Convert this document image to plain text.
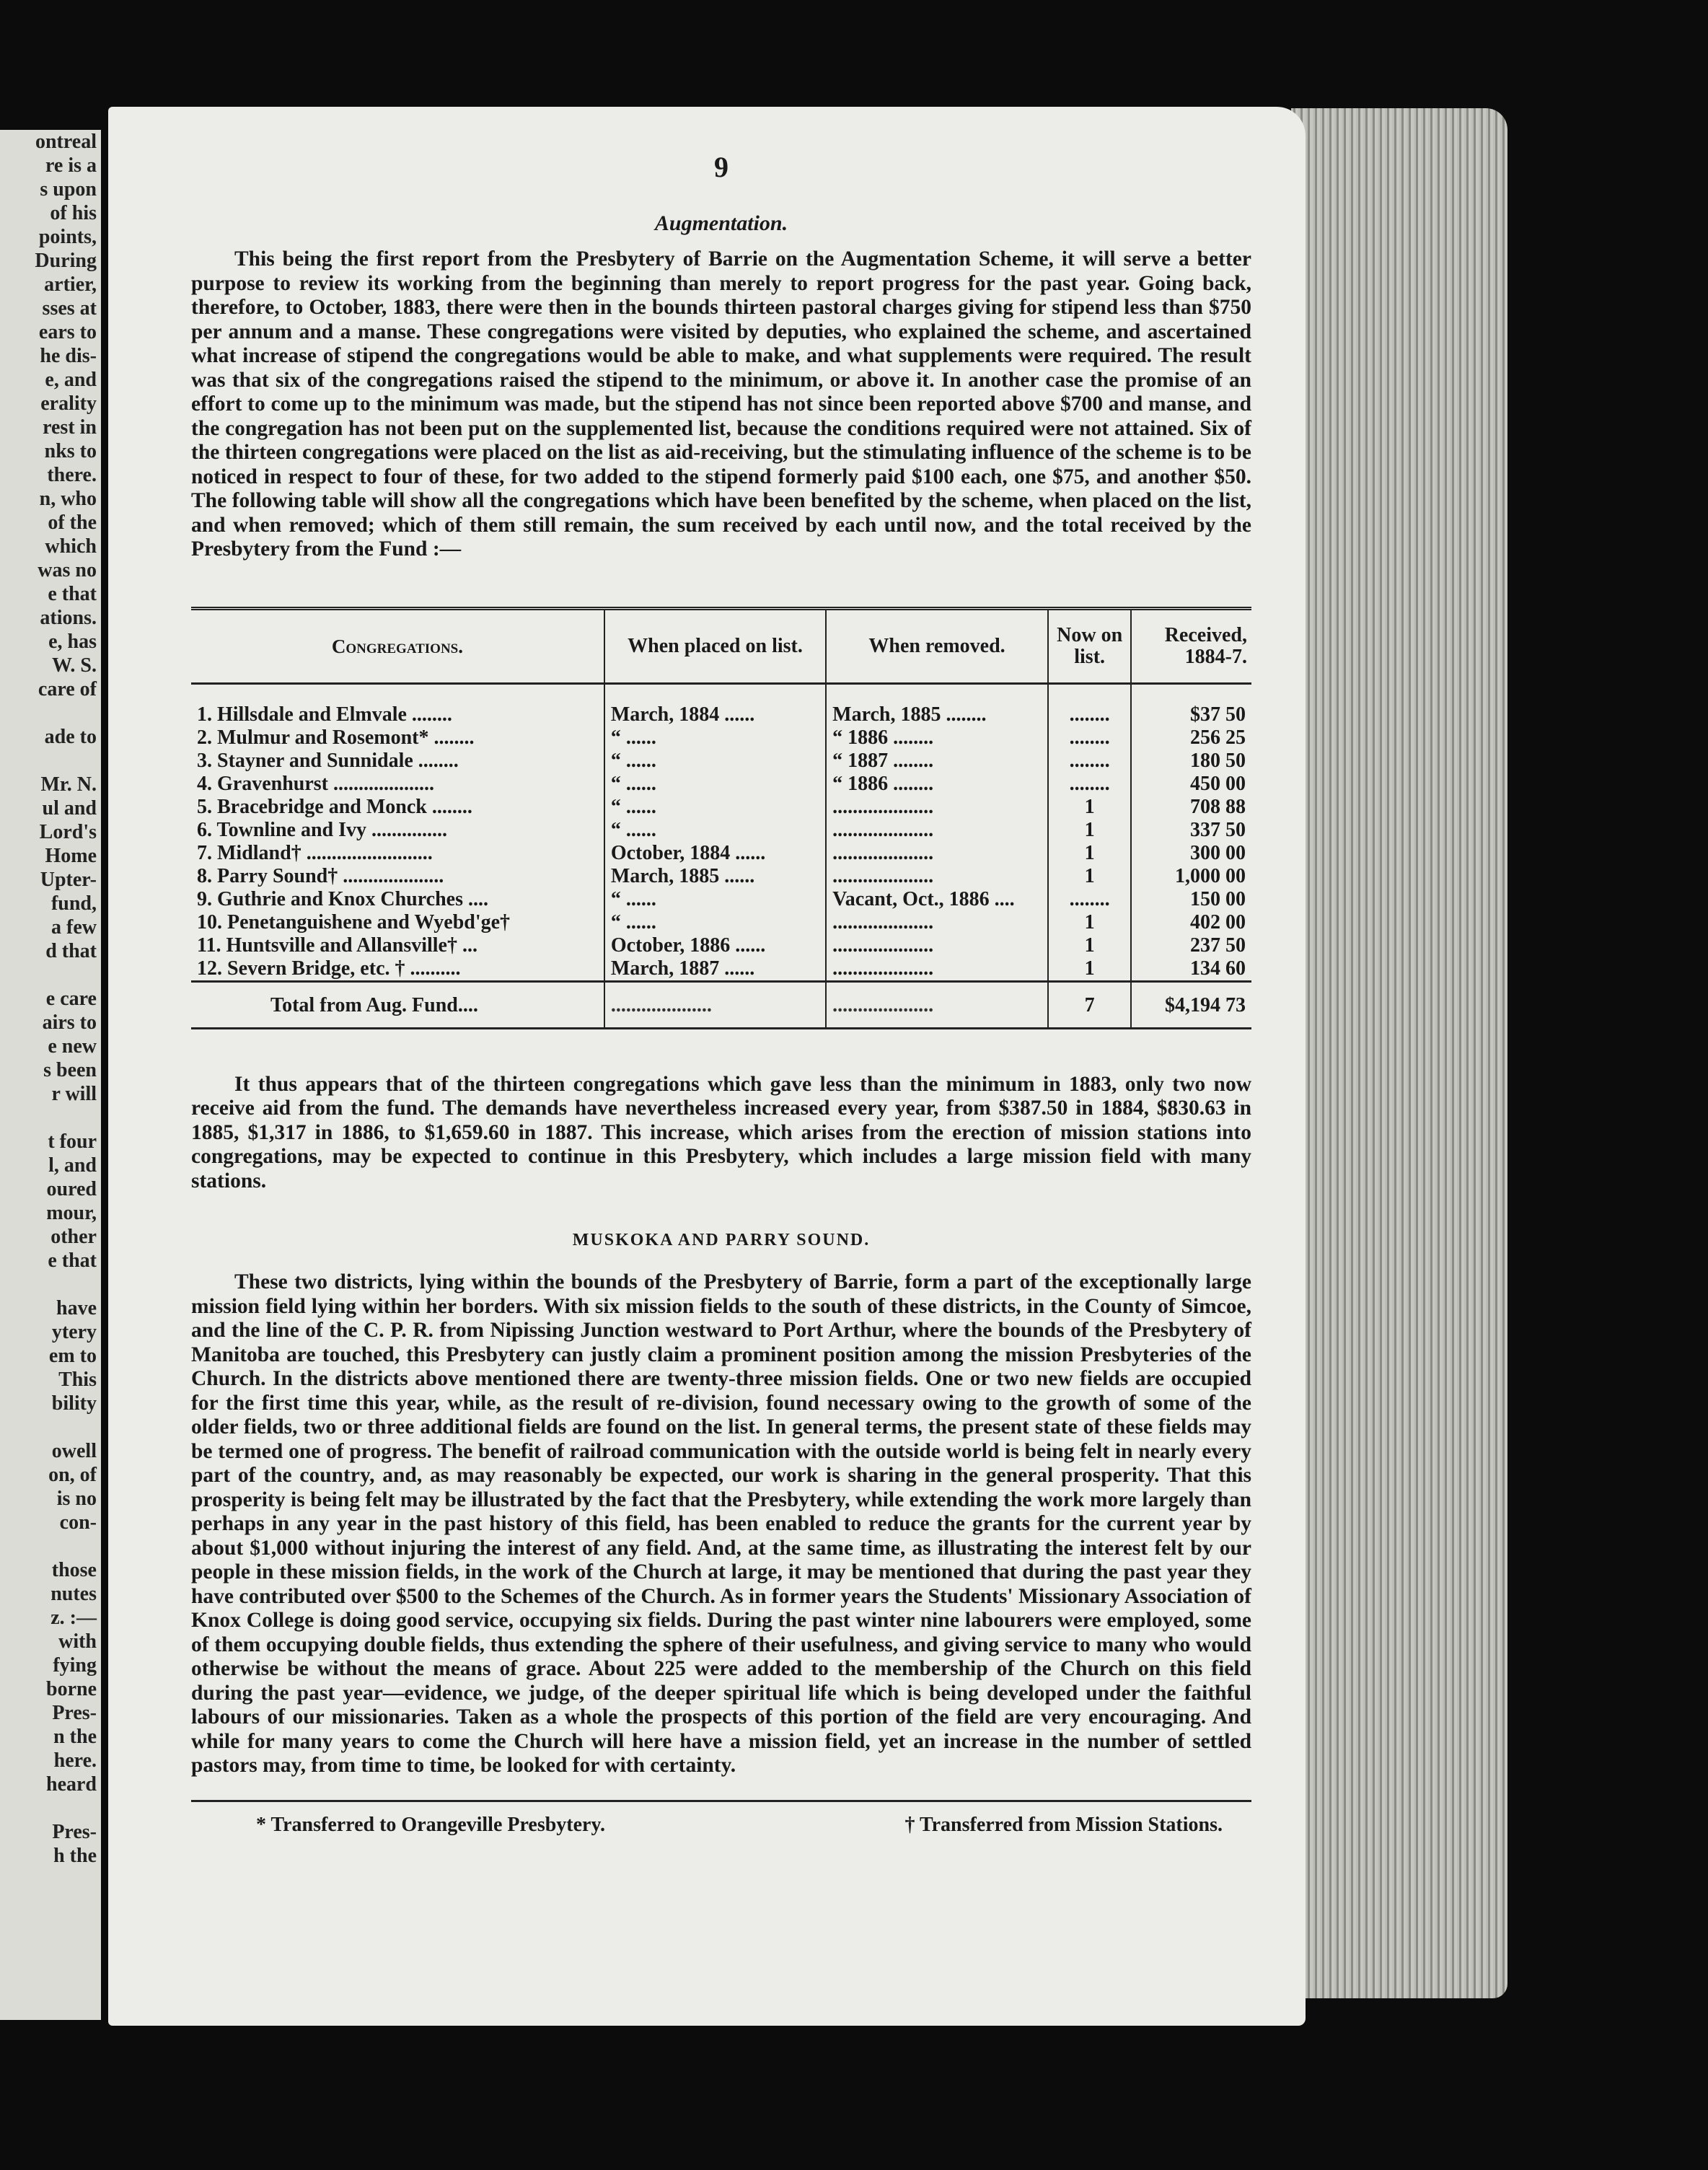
ontreal
re is a
s upon
of his
points,
During
artier,
sses at
ears to
he dis-
e, and
erality
rest in
nks to
there.
n, who
of the
which
was no
e that
ations.
e, has
W. S.
care of

ade to

Mr. N.
ul and
Lord's
Home
Upter-
fund,
a few
d that

e care
airs to
e new
s been
r will

t four
l, and
oured
mour,
other
e that

have
ytery
em to
This
bility

owell
on, of
is no
con-

those
nutes
z. :—
with
fying
borne
Pres-
n the
here.
heard

Pres-
h the
9
Augmentation.

This being the first report from the Presbytery of Barrie on the Augmentation Scheme, it will serve a better purpose to review its working from the beginning than merely to report progress for the past year. Going back, therefore, to October, 1883, there were then in the bounds thirteen pastoral charges giving for stipend less than $750 per annum and a manse. These congregations were visited by deputies, who explained the scheme, and ascertained what increase of stipend the congregations would be able to make, and what supplements were required. The result was that six of the congregations raised the stipend to the minimum, or above it. In another case the promise of an effort to come up to the minimum was made, but the stipend has not since been reported above $700 and manse, and the congregation has not been put on the supplemented list, because the conditions required were not attained. Six of the thirteen congregations were placed on the list as aid-receiving, but the stimulating influence of the scheme is to be noticed in respect to four of these, for two added to the stipend formerly paid $100 each, one $75, and another $50. The following table will show all the congregations which have been benefited by the scheme, when placed on the list, and when removed; which of them still remain, the sum received by each until now, and the total received by the Presbytery from the Fund :—

Congregations.	When placed on list.	When removed.	Now on list.	Received, 1884-7.
1. Hillsdale and Elmvale ........	March, 1884 ......	March, 1885 ........	........	$37 50
2. Mulmur and Rosemont* ........	“ ......	“ 1886 ........	........	256 25
3. Stayner and Sunnidale ........	“ ......	“ 1887 ........	........	180 50
4. Gravenhurst ....................	“ ......	“ 1886 ........	........	450 00
5. Bracebridge and Monck ........	“ ......	....................	1	708 88
6. Townline and Ivy ...............	“ ......	....................	1	337 50
7. Midland† .........................	October, 1884 ......	....................	1	300 00
8. Parry Sound† ....................	March, 1885 ......	....................	1	1,000 00
9. Guthrie and Knox Churches ....	“ ......	Vacant, Oct., 1886 ....	........	150 00
10. Penetanguishene and Wyebd'ge†	“ ......	....................	1	402 00
11. Huntsville and Allansville† ...	October, 1886 ......	....................	1	237 50
12. Severn Bridge, etc. † ..........	March, 1887 ......	....................	1	134 60
Total from Aug. Fund....	....................	....................	7	$4,194 73

It thus appears that of the thirteen congregations which gave less than the minimum in 1883, only two now receive aid from the fund. The demands have nevertheless increased every year, from $387.50 in 1884, $830.63 in 1885, $1,317 in 1886, to $1,659.60 in 1887. This increase, which arises from the erection of mission stations into congregations, may be expected to continue in this Presbytery, which includes a large mission field with many stations.

MUSKOKA AND PARRY SOUND.

These two districts, lying within the bounds of the Presbytery of Barrie, form a part of the exceptionally large mission field lying within her borders. With six mission fields to the south of these districts, in the County of Simcoe, and the line of the C. P. R. from Nipissing Junction westward to Port Arthur, where the bounds of the Presbytery of Manitoba are touched, this Presbytery can justly claim a prominent position among the mission Presbyteries of the Church. In the districts above mentioned there are twenty-three mission fields. One or two new fields are occupied for the first time this year, while, as the result of re-division, found necessary owing to the growth of some of the older fields, two or three additional fields are found on the list. In general terms, the present state of these fields may be termed one of progress. The benefit of railroad communication with the outside world is being felt in nearly every part of the country, and, as may reasonably be expected, our work is sharing in the general prosperity. That this prosperity is being felt may be illustrated by the fact that the Presbytery, while extending the work more largely than perhaps in any year in the past history of this field, has been enabled to reduce the grants for the current year by about $1,000 without injuring the interest of any field. And, at the same time, as illustrating the interest felt by our people in these mission fields, in the work of the Church at large, it may be mentioned that during the past year they have contributed over $500 to the Schemes of the Church. As in former years the Students' Missionary Association of Knox College is doing good service, occupying six fields. During the past winter nine labourers were employed, some of them occupying double fields, thus extending the sphere of their usefulness, and giving service to many who would otherwise be without the means of grace. About 225 were added to the membership of the Church on this field during the past year—evidence, we judge, of the deeper spiritual life which is being developed under the faithful labours of our missionaries. Taken as a whole the prospects of this portion of the field are very encouraging. And while for many years to come the Church will here have a mission field, yet an increase in the number of settled pastors may, from time to time, be looked for with certainty.

* Transferred to Orangeville Presbytery.	† Transferred from Mission Stations.
